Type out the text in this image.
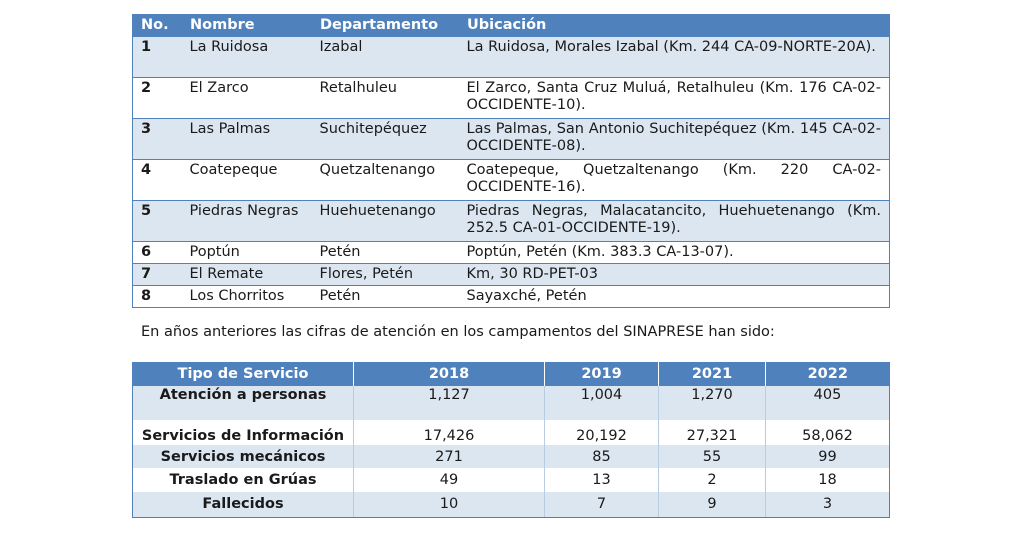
No.	Nombre	Departamento	Ubicación
1	La Ruidosa	Izabal	La Ruidosa, Morales Izabal (Km. 244 CA-09-NORTE-20A).
2	El Zarco	Retalhuleu	El Zarco, Santa Cruz Muluá, Retalhuleu (Km. 176 CA-02-OCCIDENTE-10).
3	Las Palmas	Suchitepéquez	Las Palmas, San Antonio Suchitepéquez (Km. 145 CA-02-OCCIDENTE-08).
4	Coatepeque	Quetzaltenango	Coatepeque, Quetzaltenango (Km. 220 CA-02-OCCIDENTE-16).
5	Piedras Negras	Huehuetenango	Piedras Negras, Malacatancito, Huehuetenango (Km. 252.5 CA-01-OCCIDENTE-19).
6	Poptún	Petén	Poptún, Petén (Km. 383.3 CA-13-07).
7	El Remate	Flores, Petén	Km, 30 RD-PET-03
8	Los Chorritos	Petén	Sayaxché, Petén

En años anteriores las cifras de atención en los campamentos del SINAPRESE han sido:

Tipo de Servicio	2018	2019	2021	2022
Atención a personas	1,127	1,004	1,270	405
Servicios de Información	17,426	20,192	27,321	58,062
Servicios mecánicos	271	85	55	99
Traslado en Grúas	49	13	2	18
Fallecidos	10	7	9	3
